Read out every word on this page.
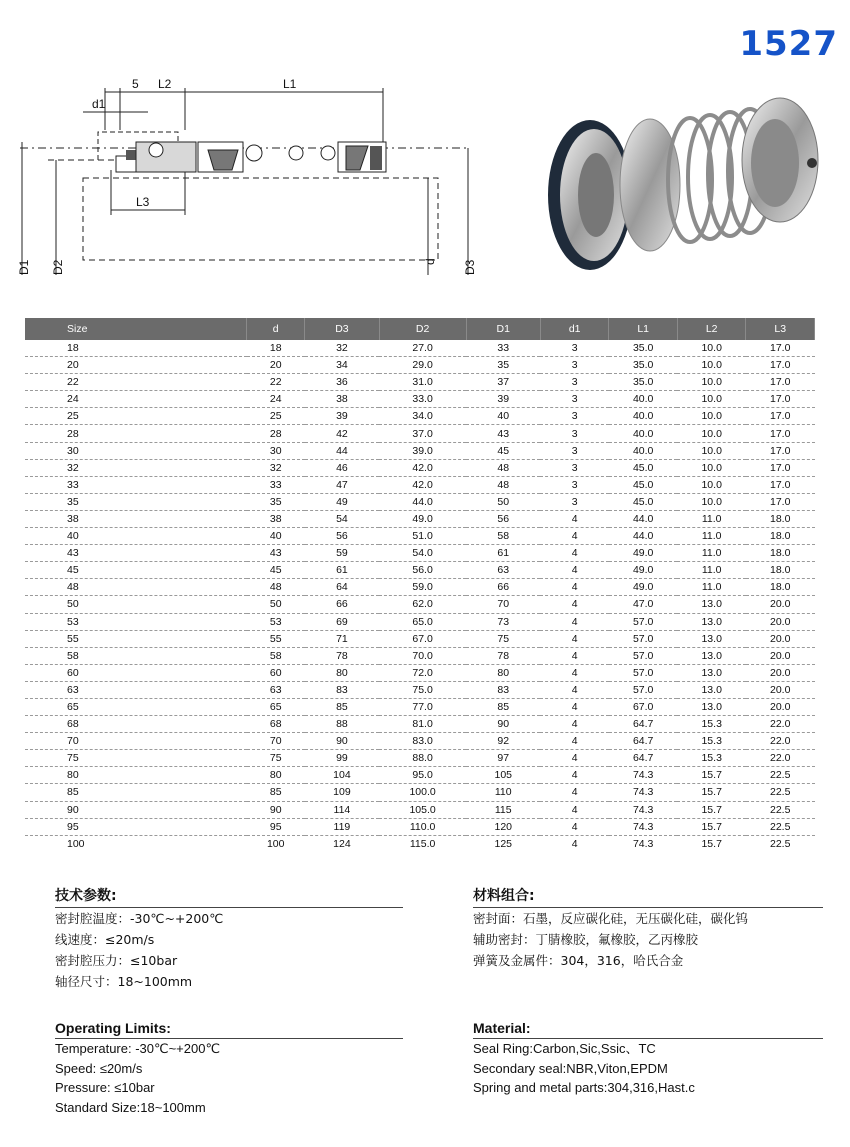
1527
d1
5 L2	L1
L3
D1 D2	d D3
Size	d	D3	D2	D1	d1	L1	L2	L3
18	18	32	27.0	33	3	35.0	10.0	17.0
20	20	34	29.0	35	3	35.0	10.0	17.0
22	22	36	31.0	37	3	35.0	10.0	17.0
24	24	38	33.0	39	3	40.0	10.0	17.0
25	25	39	34.0	40	3	40.0	10.0	17.0
28	28	42	37.0	43	3	40.0	10.0	17.0
30	30	44	39.0	45	3	40.0	10.0	17.0
32	32	46	42.0	48	3	45.0	10.0	17.0
33	33	47	42.0	48	3	45.0	10.0	17.0
35	35	49	44.0	50	3	45.0	10.0	17.0
38	38	54	49.0	56	4	44.0	11.0	18.0
40	40	56	51.0	58	4	44.0	11.0	18.0
43	43	59	54.0	61	4	49.0	11.0	18.0
45	45	61	56.0	63	4	49.0	11.0	18.0
48	48	64	59.0	66	4	49.0	11.0	18.0
50	50	66	62.0	70	4	47.0	13.0	20.0
53	53	69	65.0	73	4	57.0	13.0	20.0
55	55	71	67.0	75	4	57.0	13.0	20.0
58	58	78	70.0	78	4	57.0	13.0	20.0
60	60	80	72.0	80	4	57.0	13.0	20.0
63	63	83	75.0	83	4	57.0	13.0	20.0
65	65	85	77.0	85	4	67.0	13.0	20.0
68	68	88	81.0	90	4	64.7	15.3	22.0
70	70	90	83.0	92	4	64.7	15.3	22.0
75	75	99	88.0	97	4	64.7	15.3	22.0
80	80	104	95.0	105	4	74.3	15.7	22.5
85	85	109	100.0	110	4	74.3	15.7	22.5
90	90	114	105.0	115	4	74.3	15.7	22.5
95	95	119	110.0	120	4	74.3	15.7	22.5
100	100	124	115.0	125	4	74.3	15.7	22.5
技术参数:
密封腔温度：-30℃~+200℃
线速度：≤20m/s
密封腔压力：≤10bar
轴径尺寸：18~100mm
材料组合:
密封面：石墨，反应碳化硅，无压碳化硅，碳化钨
辅助密封：丁腈橡胶，氟橡胶，乙丙橡胶
弹簧及金属件：304，316，哈氏合金
Operating Limits:
Temperature: -30℃~+200℃
Speed: ≤20m/s
Pressure: ≤10bar
Standard Size:18~100mm
Material:
Seal Ring:Carbon,Sic,Ssic、TC
Secondary seal:NBR,Viton,EPDM
Spring and metal parts:304,316,Hast.c
